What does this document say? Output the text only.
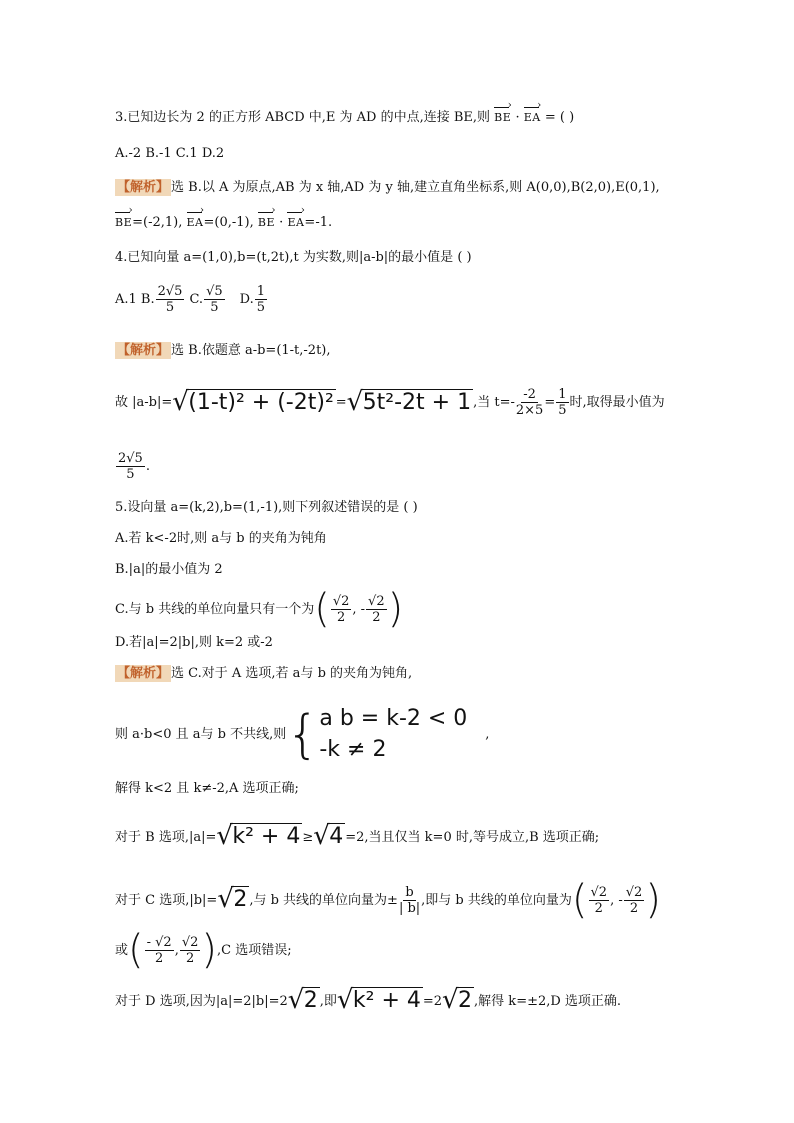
3.已知边长为 2 的正方形 ABCD 中,E 为 AD 的中点,连接 BE,则 BE › · EA › = ( )
A.-2 B.-1 C.1 D.2
【解析】 选 B.以 A 为原点,AB 为 x 轴,AD 为 y 轴,建立直角坐标系,则 A(0,0),B(2,0),E(0,1),
BE ›=(-2,1), EA ›=(0,-1), BE › · EA ›=-1.
4.已知向量 a=(1,0),b=(t,2t),t 为实数,则|a-b|的最小值是 ( )
A.1 B. $\frac{2√5}{5} C$. $\frac{√5}{5} D$. $\frac{1}{5}$
【解析】 选 B.依题意 a-b=(1-t,-2t),
故 |a-b|= √ (1-t)² + (-2t)² = √ 5t²-2t + 1 ,当 $t=- \frac{-2}{2\times 5} = \frac{1}{5}$ 时,取得最小值为
$\frac{2√5}{5}$ .
5.设向量 a=(k,2),b=(1,-1),则下列叙述错误的是 ( )
A.若 k<-2时,则 a与 b 的夹角为钝角
B.|a|的最小值为 2
C.与 b 共线的单位向量只有一个为 ( $\frac{√2}{2}$ , - $\frac{√2}{2}$ )
D.若|a|=2|b|,则 k=2 或-2
【解析】 选 C.对于 A 选项,若 a与 b 的夹角为钝角,
则 a·b<0 且 a与 b 不共线,则 { a b = k-2 < 0
-k ≠ 2
,
解得 k<2 且 k≠-2,A 选项正确;
对于 B 选项,|a|= √ k² + 4 ≥ √ 4 =2,当且仅当 k=0 时,等号成立,B 选项正确;
对于 C 选项,|b|= √ 2 ,与 b 共线的单位向量为± $\frac{b}{| b|}$ ,即与 b 共线的单位向量为 ( $\frac{√2}{2}$ , - $\frac{√2}{2}$ )
或 ( $\frac{- √2}{2}$ , $\frac{√2}{2}$ ) ,C 选项错误;
对于 D 选项,因为|a|=2|b|=2 √ 2 ,即 √ k² + 4 =2 √ 2 ,解得 k=±2,D 选项正确.
